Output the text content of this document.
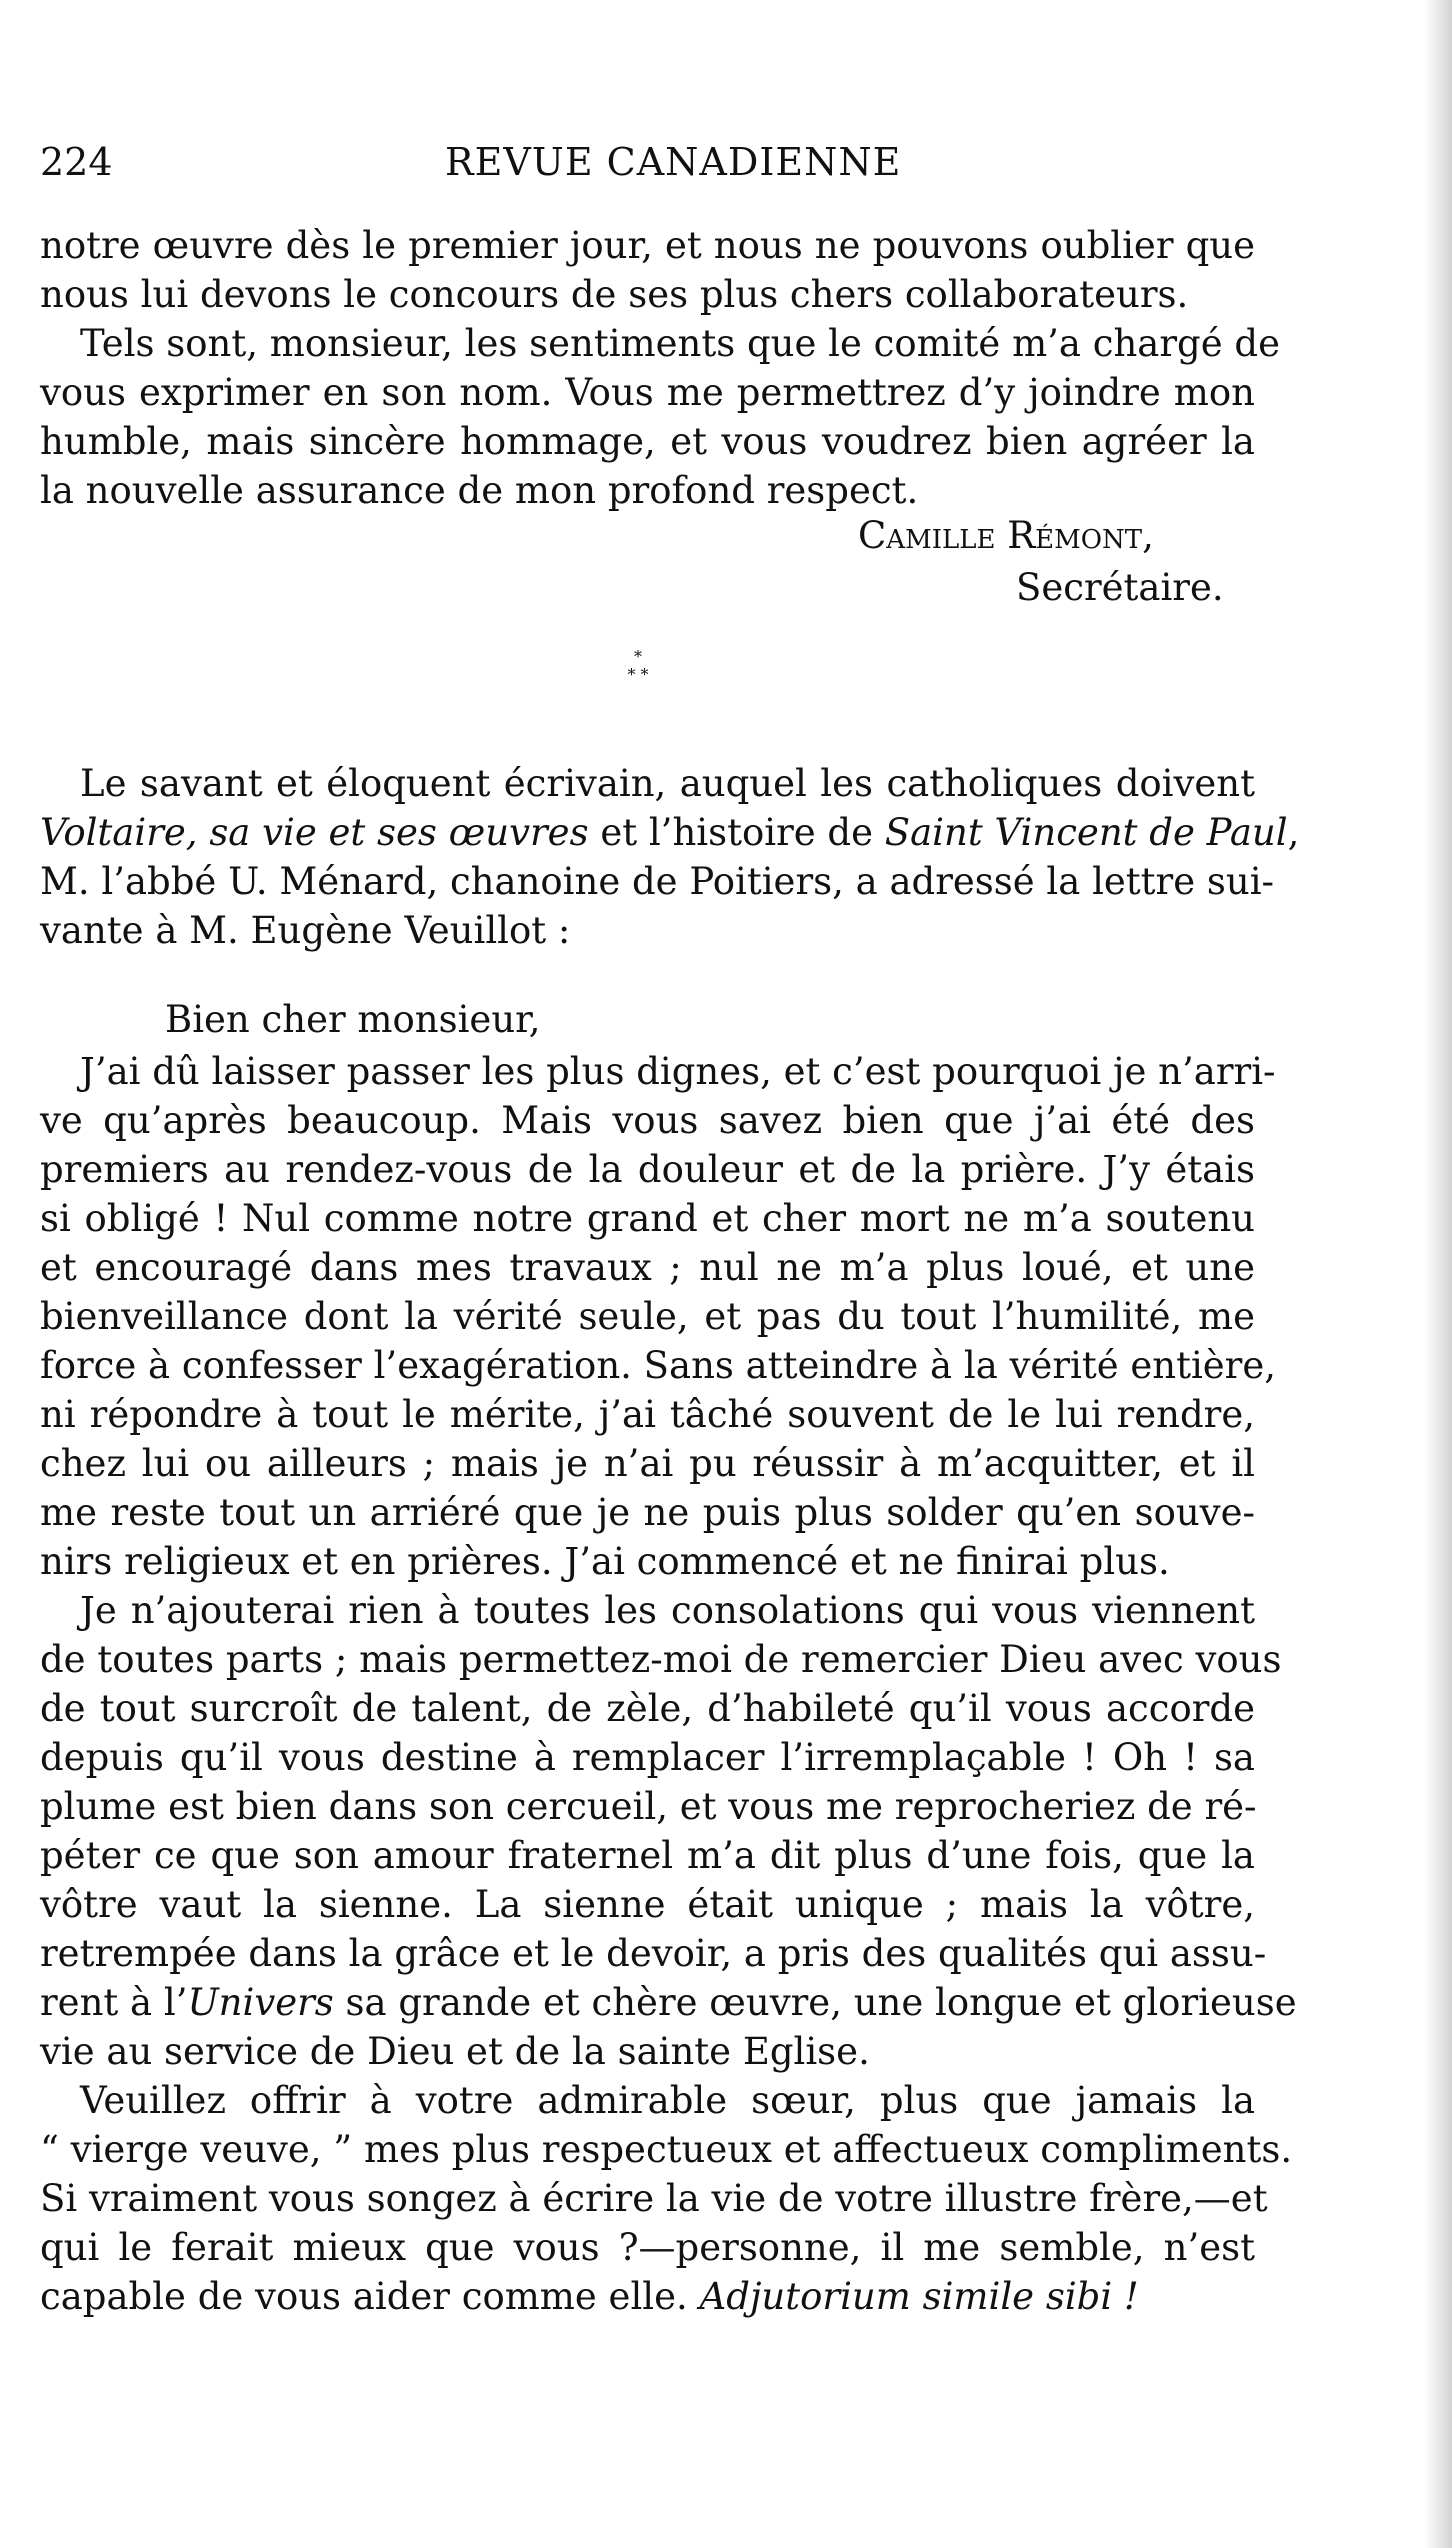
224	REVUE CANADIENNE
notre œuvre dès le premier jour, et nous ne pouvons oublier que
nous lui devons le concours de ses plus chers collaborateurs.
Tels sont, monsieur, les sentiments que le comité m’a chargé de
vous exprimer en son nom. Vous me permettrez d’y joindre mon
humble, mais sincère hommage, et vous voudrez bien agréer la
la nouvelle assurance de mon profond respect.
Camille Rémont,
Secrétaire.
*
* *
Le savant et éloquent écrivain, auquel les catholiques doivent
Voltaire, sa vie et ses œuvres et l’histoire de Saint Vincent de Paul,
M. l’abbé U. Ménard, chanoine de Poitiers, a adressé la lettre sui-
vante à M. Eugène Veuillot :
Bien cher monsieur,
J’ai dû laisser passer les plus dignes, et c’est pourquoi je n’arri-
ve qu’après beaucoup. Mais vous savez bien que j’ai été des
premiers au rendez-vous de la douleur et de la prière. J’y étais
si obligé ! Nul comme notre grand et cher mort ne m’a soutenu
et encouragé dans mes travaux ; nul ne m’a plus loué, et une
bienveillance dont la vérité seule, et pas du tout l’humilité, me
force à confesser l’exagération. Sans atteindre à la vérité entière,
ni répondre à tout le mérite, j’ai tâché souvent de le lui rendre,
chez lui ou ailleurs ; mais je n’ai pu réussir à m’acquitter, et il
me reste tout un arriéré que je ne puis plus solder qu’en souve-
nirs religieux et en prières. J’ai commencé et ne finirai plus.
Je n’ajouterai rien à toutes les consolations qui vous viennent
de toutes parts ; mais permettez-moi de remercier Dieu avec vous
de tout surcroît de talent, de zèle, d’habileté qu’il vous accorde
depuis qu’il vous destine à remplacer l’irremplaçable ! Oh ! sa
plume est bien dans son cercueil, et vous me reprocheriez de ré-
péter ce que son amour fraternel m’a dit plus d’une fois, que la
vôtre vaut la sienne. La sienne était unique ; mais la vôtre,
retrempée dans la grâce et le devoir, a pris des qualités qui assu-
rent à l’Univers sa grande et chère œuvre, une longue et glorieuse
vie au service de Dieu et de la sainte Eglise.
Veuillez offrir à votre admirable sœur, plus que jamais la
“ vierge veuve, ” mes plus respectueux et affectueux compliments.
Si vraiment vous songez à écrire la vie de votre illustre frère,—et
qui le ferait mieux que vous ?—personne, il me semble, n’est
capable de vous aider comme elle. Adjutorium simile sibi !
